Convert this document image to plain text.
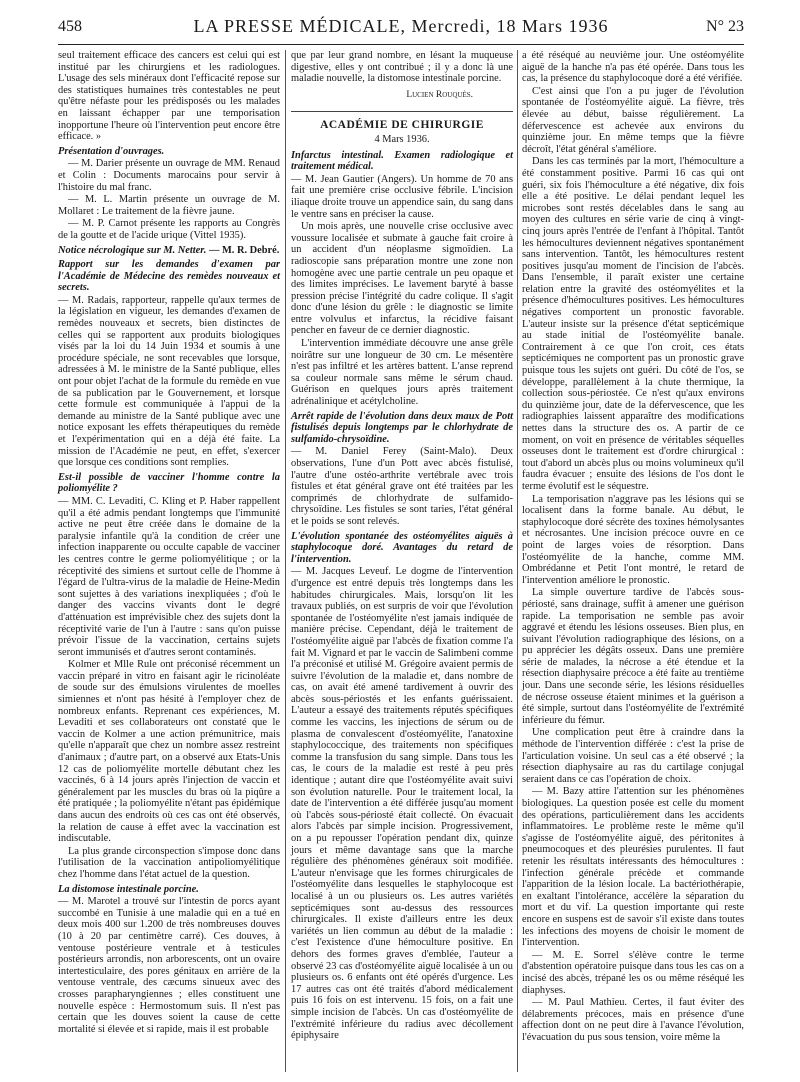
458	LA PRESSE MÉDICALE, Mercredi, 18 Mars 1936	N° 23

seul traitement efficace des cancers est celui qui est institué par les chirurgiens et les radiologues. L'usage des sels minéraux dont l'efficacité repose sur des statistiques humaines très contestables ne peut qu'être néfaste pour les prédisposés ou les malades en laissant échapper par une temporisation inopportune l'heure où l'intervention peut encore être efficace. »

Présentation d'ouvrages.

— M. Darier présente un ouvrage de MM. Renaud et Colin : Documents marocains pour servir à l'histoire du mal franc.

— M. L. Martin présente un ouvrage de M. Mollaret : Le traitement de la fièvre jaune.

— M. P. Carnot présente les rapports au Congrès de la goutte et de l'acide urique (Vittel 1935).

Notice nécrologique sur M. Netter. — M. R. Debré.

Rapport sur les demandes d'examen par l'Académie de Médecine des remèdes nouveaux et secrets.

— M. Radais, rapporteur, rappelle qu'aux termes de la législation en vigueur, les demandes d'examen de remèdes nouveaux et secrets, bien distinctes de celles qui se rapportent aux produits biologiques visés par la loi du 14 Juin 1934 et soumis à une procédure spéciale, ne sont recevables que lorsque, adressées à M. le ministre de la Santé publique, elles ont pour objet l'achat de la formule du remède en vue de sa publication par le Gouvernement, et lorsque cette formule est communiquée à l'appui de la demande au ministre de la Santé publique avec une notice exposant les effets thérapeutiques du remède et l'expérimentation qui en a déjà été faite. La mission de l'Académie ne peut, en effet, s'exercer que lorsque ces conditions sont remplies.

Est-il possible de vacciner l'homme contre la poliomyélite ?

— MM. C. Levaditi, C. Kling et P. Haber rappellent qu'il a été admis pendant longtemps que l'immunité active ne peut être créée dans le domaine de la paralysie infantile qu'à la condition de créer une infection inapparente ou occulte capable de vacciner les centres contre le germe poliomyélitique ; or la réceptivité des simiens et surtout celle de l'homme à l'égard de l'ultra-virus de la maladie de Heine-Medin sont sujettes à des variations inexpliquées ; d'où le danger des vaccins vivants dont le degré d'atténuation est imprévisible chez des sujets dont la réceptivité varie de l'un à l'autre : sans qu'on puisse prévoir l'issue de la vaccination, certains sujets seront immunisés et d'autres seront contaminés.

Kolmer et Mlle Rule ont préconisé récemment un vaccin préparé in vitro en faisant agir le ricinoléate de soude sur des émulsions virulentes de moelles simiennes et n'ont pas hésité à l'employer chez de nombreux enfants. Reprenant ces expériences, M. Levaditi et ses collaborateurs ont constaté que le vaccin de Kolmer a une action prémunitrice, mais qu'elle n'apparaît que chez un nombre assez restreint d'animaux ; d'autre part, on a observé aux Etats-Unis 12 cas de poliomyélite mortelle débutant chez les vaccinés, 6 à 14 jours après l'injection de vaccin et généralement par les muscles du bras où la piqûre a été pratiquée ; la poliomyélite n'étant pas épidémique dans aucun des endroits où ces cas ont été observés, la relation de cause à effet avec la vaccination est indiscutable.

La plus grande circonspection s'impose donc dans l'utilisation de la vaccination antipoliomyélitique chez l'homme dans l'état actuel de la question.

La distomose intestinale porcine.

— M. Marotel a trouvé sur l'intestin de porcs ayant succombé en Tunisie à une maladie qui en a tué en deux mois 400 sur 1.200 de très nombreuses douves (10 à 20 par centimètre carré). Ces douves, à ventouse postérieure ventrale et à testicules postérieurs arrondis, non arborescents, ont un ovaire intertesticulaire, des pores génitaux en arrière de la ventouse ventrale, des cæcums sinueux avec des crosses parapharyngiennes ; elles constituent une nouvelle espèce : Hermostomum suis. Il n'est pas certain que les douves soient la cause de cette mortalité si élevée et si rapide, mais il est probable

que par leur grand nombre, en lésant la muqueuse digestive, elles y ont contribué ; il y a donc là une maladie nouvelle, la distomose intestinale porcine.

Lucien Rouquès.

ACADÉMIE DE CHIRURGIE

4 Mars 1936.

Infarctus intestinal. Examen radiologique et traitement médical.

— M. Jean Gautier (Angers). Un homme de 70 ans fait une première crise occlusive fébrile. L'incision iliaque droite trouve un appendice sain, du sang dans le ventre sans en préciser la cause.

Un mois après, une nouvelle crise occlusive avec voussure localisée et submate à gauche fait croire à un accident d'un néoplasme sigmoïdien. La radioscopie sans préparation montre une zone non homogène avec une partie centrale un peu opaque et des limites imprécises. Le lavement baryté à basse pression précise l'intégrité du cadre colique. Il s'agit donc d'une lésion du grêle : le diagnostic se limite entre volvulus et infarctus, la récidive faisant pencher en faveur de ce dernier diagnostic.

L'intervention immédiate découvre une anse grêle noirâtre sur une longueur de 30 cm. Le mésentère n'est pas infiltré et les artères battent. L'anse reprend sa couleur normale sans même le sérum chaud. Guérison en quelques jours après traitement adrénalinique et acétylcholine.

Arrêt rapide de l'évolution dans deux maux de Pott fistulisés depuis longtemps par le chlorhydrate de sulfamido-chrysoïdine.

— M. Daniel Ferey (Saint-Malo). Deux observations, l'une d'un Pott avec abcès fistulisé, l'autre d'une ostéo-arthrite vertébrale avec trois fistules et état général grave ont été traitées par les comprimés de chlorhydrate de sulfamido-chrysoïdine. Les fistules se sont taries, l'état général et le poids se sont relevés.

L'évolution spontanée des ostéomyélites aiguës à staphylocoque doré. Avantages du retard de l'intervention.

— M. Jacques Leveuf. Le dogme de l'intervention d'urgence est entré depuis très longtemps dans les habitudes chirurgicales. Mais, lorsqu'on lit les travaux publiés, on est surpris de voir que l'évolution spontanée de l'ostéomyélite n'est jamais indiquée de manière précise. Cependant, déjà le traitement de l'ostéomyélite aiguë par l'abcès de fixation comme l'a fait M. Vignard et par le vaccin de Salimbeni comme l'a préconisé et utilisé M. Grégoire avaient permis de suivre l'évolution de la maladie et, dans nombre de cas, on avait été amené tardivement à ouvrir des abcès sous-périostés et les enfants guérissaient. L'auteur a essayé des traitements réputés spécifiques comme les vaccins, les injections de sérum ou de plasma de convalescent d'ostéomyélite, l'anatoxine staphylococcique, des traitements non spécifiques comme la transfusion du sang simple. Dans tous les cas, le cours de la maladie est resté à peu près identique ; autant dire que l'ostéomyélite avait suivi son évolution naturelle. Pour le traitement local, la date de l'intervention a été différée jusqu'au moment où l'abcès sous-périosté était collecté. On évacuait alors l'abcès par simple incision. Progressivement, on a pu repousser l'opération pendant dix, quinze jours et même davantage sans que la marche régulière des phénomènes généraux soit modifiée. L'auteur n'envisage que les formes chirurgicales de l'ostéomyélite dans lesquelles le staphylocoque est localisé à un ou plusieurs os. Les autres variétés septicémiques sont au-dessus des ressources chirurgicales. Il existe d'ailleurs entre les deux variétés un lien commun au début de la maladie : c'est l'existence d'une hémoculture positive. En dehors des formes graves d'emblée, l'auteur a observé 23 cas d'ostéomyélite aiguë localisée à un ou plusieurs os. 6 enfants ont été opérés d'urgence. Les 17 autres cas ont été traités d'abord médicalement puis 16 fois on est intervenu. 15 fois, on a fait une simple incision de l'abcès. Un cas d'ostéomyélite de l'extrémité inférieure du radius avec décollement épiphysaire

a été réséqué au neuvième jour. Une ostéomyélite aiguë de la hanche n'a pas été opérée. Dans tous les cas, la présence du staphylocoque doré a été vérifiée.

C'est ainsi que l'on a pu juger de l'évolution spontanée de l'ostéomyélite aiguë. La fièvre, très élevée au début, baisse régulièrement. La défervescence est achevée aux environs du quinzième jour. En même temps que la fièvre décroît, l'état général s'améliore.

Dans les cas terminés par la mort, l'hémoculture a été constamment positive. Parmi 16 cas qui ont guéri, six fois l'hémoculture a été négative, dix fois elle a été positive. Le délai pendant lequel les microbes sont restés décelables dans le sang au moyen des cultures en série varie de cinq à vingt-cinq jours après l'entrée de l'enfant à l'hôpital. Tantôt les hémocultures deviennent négatives spontanément sans intervention. Tantôt, les hémocultures restent positives jusqu'au moment de l'incision de l'abcès. Dans l'ensemble, il paraît exister une certaine relation entre la gravité des ostéomyélites et la présence d'hémocultures positives. Les hémocultures négatives comportent un pronostic favorable. L'auteur insiste sur la présence d'état septicémique au stade initial de l'ostéomyélite banale. Contrairement à ce que l'on croit, ces états septicémiques ne comportent pas un pronostic grave puisque tous les sujets ont guéri. Du côté de l'os, se développe, parallèlement à la chute thermique, la collection sous-périostée. Ce n'est qu'aux environs du quinzième jour, date de la défervescence, que les radiographies laissent apparaître des modifications nettes dans la structure des os. A partir de ce moment, on voit en présence de véritables séquelles osseuses dont le traitement est d'ordre chirurgical : tout d'abord un abcès plus ou moins volumineux qu'il faudra évacuer ; ensuite des lésions de l'os dont le terme évolutif est le séquestre.

La temporisation n'aggrave pas les lésions qui se localisent dans la forme banale. Au début, le staphylocoque doré sécrète des toxines hémolysantes et nécrosantes. Une incision précoce ouvre en ce point de larges voies de résorption. Dans l'ostéomyélite de la hanche, comme MM. Ombrédanne et Petit l'ont montré, le retard de l'intervention améliore le pronostic.

La simple ouverture tardive de l'abcès sous-périosté, sans drainage, suffit à amener une guérison rapide. La temporisation ne semble pas avoir aggravé et étendu les lésions osseuses. Bien plus, en suivant l'évolution radiographique des lésions, on a pu apprécier les dégâts osseux. Dans une première série de malades, la nécrose a été étendue et la résection diaphysaire précoce a été faite au trentième jour. Dans une seconde série, les lésions résiduelles de nécrose osseuse étaient minimes et la guérison a été simple, surtout dans l'ostéomyélite de l'extrémité inférieure du fémur.

Une complication peut être à craindre dans la méthode de l'intervention différée : c'est la prise de l'articulation voisine. Un seul cas a été observé ; la résection diaphysaire au ras du cartilage conjugal seraient dans ce cas l'opération de choix.

— M. Bazy attire l'attention sur les phénomènes biologiques. La question posée est celle du moment des opérations, particulièrement dans les accidents inflammatoires. Le problème reste le même qu'il s'agisse de l'ostéomyélite aiguë, des péritonites à pneumocoques et des pleurésies purulentes. Il faut retenir les résultats intéressants des hémocultures : l'infection générale précède et commande l'apparition de la lésion locale. La bactériothérapie, en exaltant l'intolérance, accélère la séparation du mort et du vif. La question importante qui reste encore en suspens est de savoir s'il existe dans toutes les infections des moyens de choisir le moment de l'intervention.

— M. E. Sorrel s'élève contre le terme d'abstention opératoire puisque dans tous les cas on a incisé des abcès, trépané les os ou même réséqué les diaphyses.

— M. Paul Mathieu. Certes, il faut éviter des délabrements précoces, mais en présence d'une affection dont on ne peut dire à l'avance l'évolution, l'évacuation du pus sous tension, voire même la
